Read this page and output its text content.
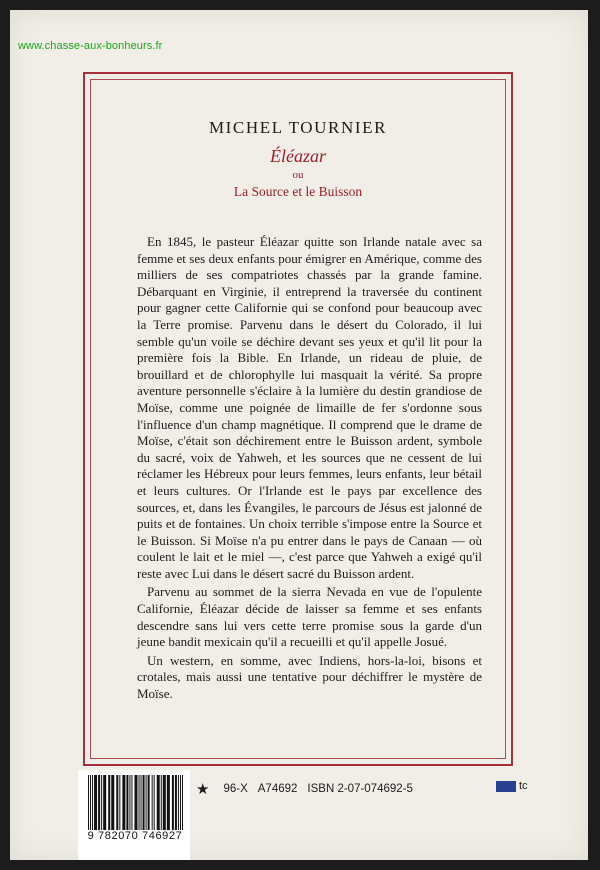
www.chasse-aux-bonheurs.fr
MICHEL TOURNIER
Éléazar
ou
La Source et le Buisson

En 1845, le pasteur Éléazar quitte son Irlande natale avec sa femme et ses deux enfants pour émigrer en Amérique, comme des milliers de ses compatriotes chassés par la grande famine. Débarquant en Virginie, il entreprend la traversée du continent pour gagner cette Californie qui se confond pour beaucoup avec la Terre promise. Parvenu dans le désert du Colorado, il lui semble qu'un voile se déchire devant ses yeux et qu'il lit pour la première fois la Bible. En Irlande, un rideau de pluie, de brouillard et de chlorophylle lui masquait la vérité. Sa propre aventure personnelle s'éclaire à la lumière du destin grandiose de Moïse, comme une poignée de limaille de fer s'ordonne sous l'influence d'un champ magnétique. Il comprend que le drame de Moïse, c'était son déchirement entre le Buisson ardent, symbole du sacré, voix de Yahweh, et les sources que ne cessent de lui réclamer les Hébreux pour leurs femmes, leurs enfants, leur bétail et leurs cultures. Or l'Irlande est le pays par excellence des sources, et, dans les Évangiles, le parcours de Jésus est jalonné de puits et de fontaines. Un choix terrible s'impose entre la Source et le Buisson. Si Moïse n'a pu entrer dans le pays de Canaan — où coulent le lait et le miel —, c'est parce que Yahweh a exigé qu'il reste avec Lui dans le désert sacré du Buisson ardent.

Parvenu au sommet de la sierra Nevada en vue de l'opulente Californie, Éléazar décide de laisser sa femme et ses enfants descendre sans lui vers cette terre promise sous la garde d'un jeune bandit mexicain qu'il a recueilli et qu'il appelle Josué.

Un western, en somme, avec Indiens, hors-la-loi, bisons et crotales, mais aussi une tentative pour déchiffrer le mystère de Moïse.

9 782070 746927
★ 96-X A74692 ISBN 2-07-074692-5	tc
